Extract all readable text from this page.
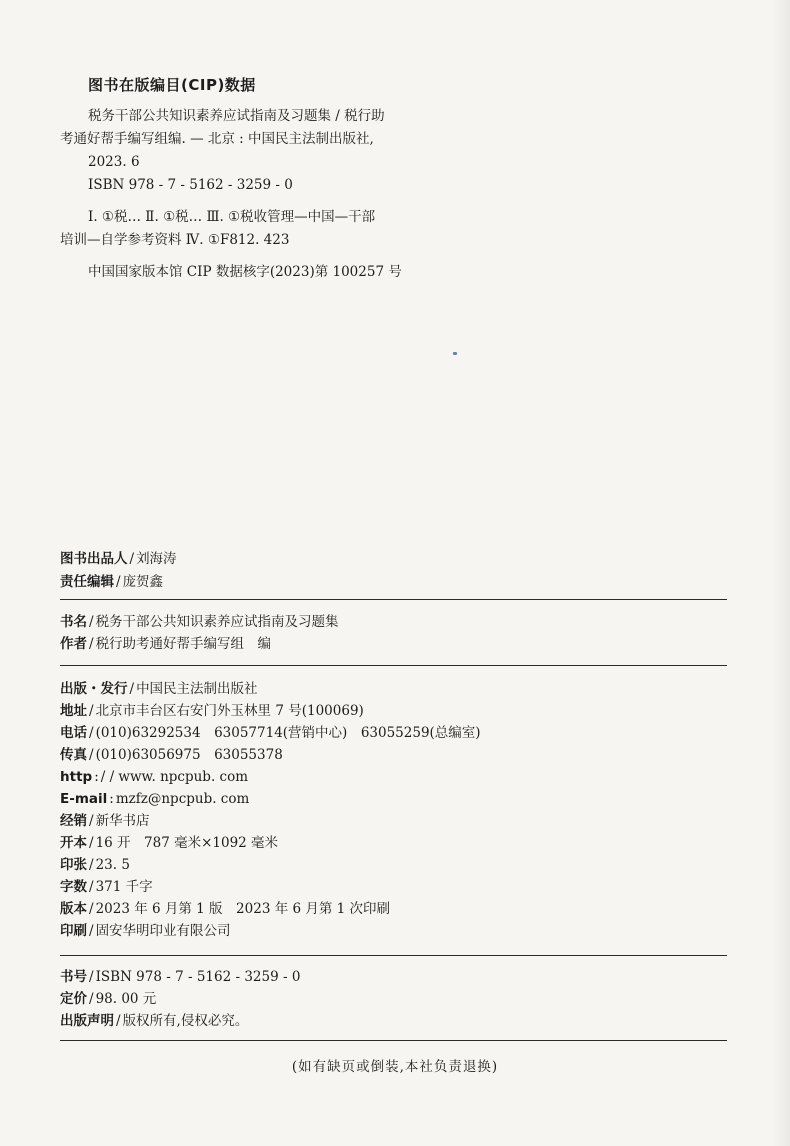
图书在版编目(CIP)数据

税务干部公共知识素养应试指南及习题集 / 税行助

考通好帮手编写组编. — 北京 : 中国民主法制出版社,

2023. 6

ISBN 978 - 7 - 5162 - 3259 - 0

Ⅰ. ①税… Ⅱ. ①税… Ⅲ. ①税收管理—中国—干部

培训—自学参考资料 Ⅳ. ①F812. 423

中国国家版本馆 CIP 数据核字(2023)第 100257 号

图书出品人 / 刘海涛
责任编辑 / 庞贺鑫
书名 / 税务干部公共知识素养应试指南及习题集
作者 / 税行助考通好帮手编写组　编
出版・发行 / 中国民主法制出版社
地址 / 北京市丰台区右安门外玉林里 7 号(100069)
电话 / (010)63292534　63057714(营销中心)　63055259(总编室)
传真 / (010)63056975　63055378
http : / / www. npcpub. com
E-mail : mzfz@npcpub. com
经销 / 新华书店
开本 / 16 开　787 毫米×1092 毫米
印张 / 23. 5
字数 / 371 千字
版本 / 2023 年 6 月第 1 版　2023 年 6 月第 1 次印刷
印刷 / 固安华明印业有限公司
书号 / ISBN 978 - 7 - 5162 - 3259 - 0
定价 / 98. 00 元
出版声明 / 版权所有,侵权必究。
(如有缺页或倒装,本社负责退换)
